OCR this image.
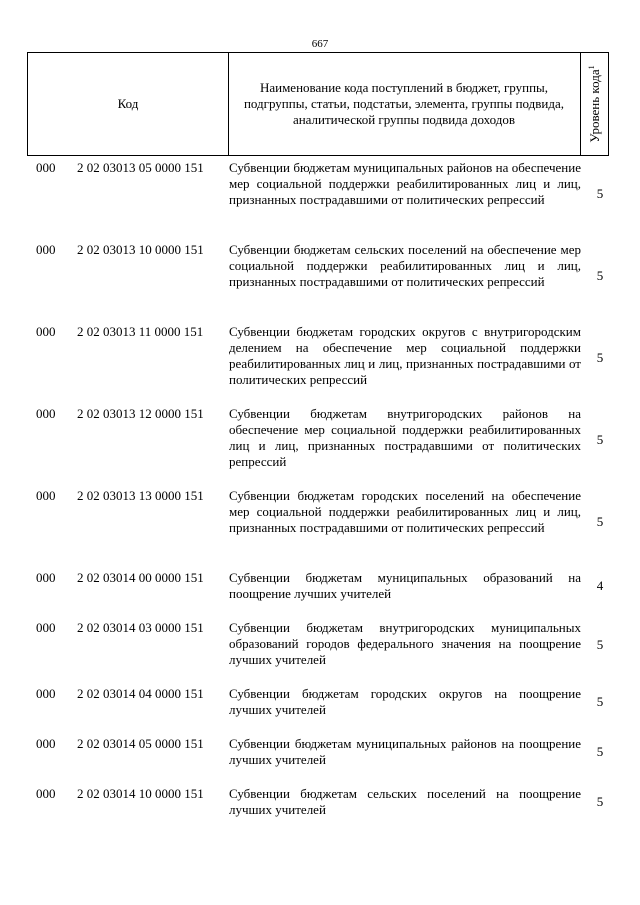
667
Код
Наименование кода поступлений в бюджет, группы, подгруппы, статьи, подстатьи, элемента, группы подвида, аналитической группы подвида доходов	Уровень кода$^1$
000 2 02 03013 05 0000 151 Субвенции бюджетам муниципальных районов на обеспечение мер социальной поддержки реабилитированных лиц и лиц, признанных пострадавшими от политических репрессий	5
000 2 02 03013 10 0000 151 Субвенции бюджетам сельских поселений на обеспечение мер социальной поддержки реабилитированных лиц и лиц, признанных пострадавшими от политических репрессий	5
000 2 02 03013 11 0000 151 Субвенции бюджетам городских округов с внутригородским делением на обеспечение мер социальной поддержки реабилитированных лиц и лиц, признанных пострадавшими от политических репрессий
5
000 2 02 03013 12 0000 151 Субвенции бюджетам внутригородских районов на обеспечение мер социальной поддержки реабилитированных лиц и лиц, признанных пострадавшими от политических репрессий
5
000 2 02 03013 13 0000 151 Субвенции бюджетам городских поселений на обеспечение мер социальной поддержки реабилитированных лиц и лиц, признанных пострадавшими от политических репрессий	5
000 2 02 03014 00 0000 151 Субвенции бюджетам муниципальных образований на поощрение лучших учителей
4
000 2 02 03014 03 0000 151 Субвенции бюджетам внутригородских муниципальных образований городов федерального значения на поощрение лучших учителей
5
000 2 02 03014 04 0000 151 Субвенции бюджетам городских округов на поощрение лучших учителей
5
000 2 02 03014 05 0000 151 Субвенции бюджетам муниципальных районов на поощрение лучших учителей
5
000 2 02 03014 10 0000 151 Субвенции бюджетам сельских поселений на поощрение лучших учителей
5
